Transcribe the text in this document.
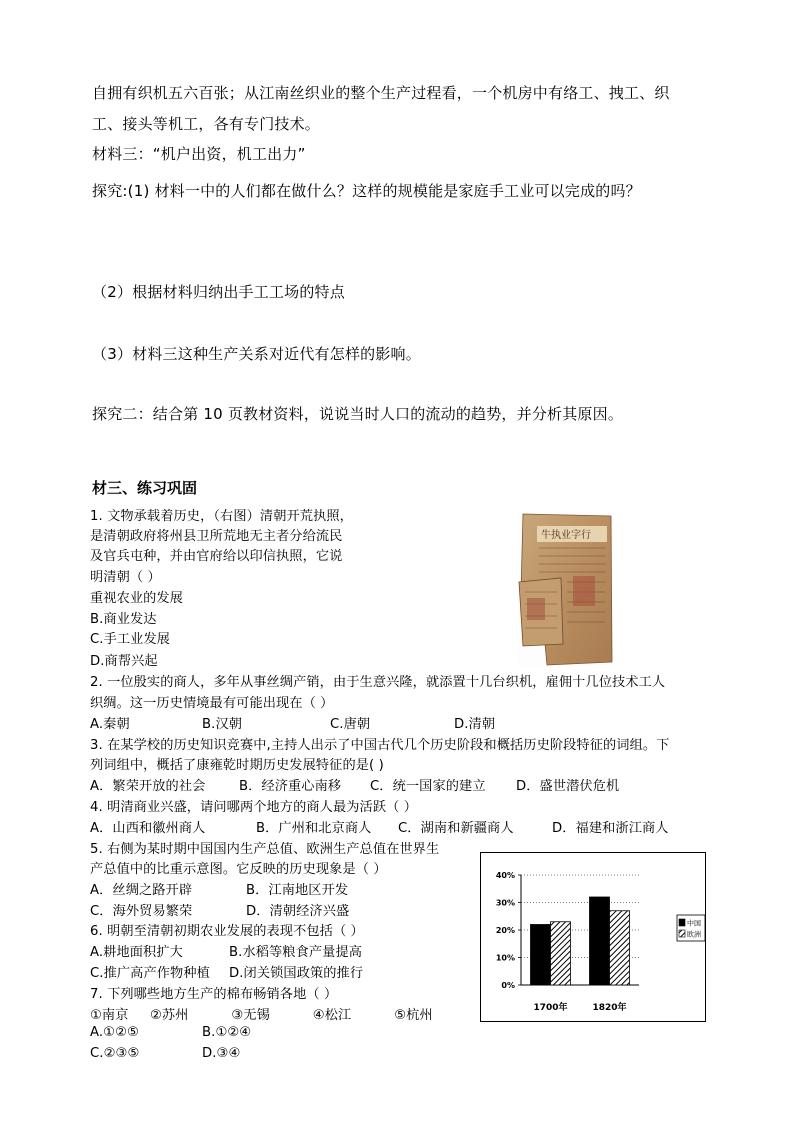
自拥有织机五六百张；从江南丝织业的整个生产过程看，一个机房中有络工、拽工、织
工、接头等机工，各有专门技术。
材料三：“机户出资，机工出力”
探究:(1) 材料一中的人们都在做什么？这样的规模能是家庭手工业可以完成的吗？
（2）根据材料归纳出手工工场的特点
（3）材料三这种生产关系对近代有怎样的影响。
探究二：结合第 10 页教材资料，说说当时人口的流动的趋势，并分析其原因。
材三、练习巩固
1. 文物承载着历史，（右图）清朝开荒执照，
是清朝政府将州县卫所荒地无主者分给流民
及官兵屯种，并由官府给以印信执照，它说
明清朝（ ）
重视农业的发展
B.商业发达
C.手工业发展
D.商帮兴起
牛执业字行
2. 一位殷实的商人，多年从事丝绸产销，由于生意兴隆，就添置十几台织机，雇佣十几位技术工人
织绸。这一历史情境最有可能出现在（ ）
A.秦朝	B.汉朝	C.唐朝	D.清朝
3. 在某学校的历史知识竞赛中,主持人出示了中国古代几个历史阶段和概括历史阶段特征的词组。下
列词组中，概括了康雍乾时期历史发展特征的是( )
A．繁荣开放的社会	B．经济重心南移 C．统一国家的建立 D．盛世潜伏危机
4. 明清商业兴盛，请问哪两个地方的商人最为活跃（ ）
A．山西和徽州商人	B．广州和北京商人 C．湖南和新疆商人	D．福建和浙江商人
5. 右侧为某时期中国国内生产总值、欧洲生产总值在世界生
产总值中的比重示意图。它反映的历史现象是（ ）
A．丝绸之路开辟	B．江南地区开发
C．海外贸易繁荣	D．清朝经济兴盛
6. 明朝至清朝初期农业发展的表现不包括（ ）
A.耕地面积扩大	B.水稻等粮食产量提高
C.推广高产作物种植 D.闭关锁国政策的推行
7. 下列哪些地方生产的棉布畅销各地（ ）
①南京     ②苏州          ③无锡          ④松江          ⑤杭州
A.①②⑤	B.①②④
C.②③⑤	D.③④
0%
10%
20%
30%
40%
1700年	1820年
中国
欧洲
